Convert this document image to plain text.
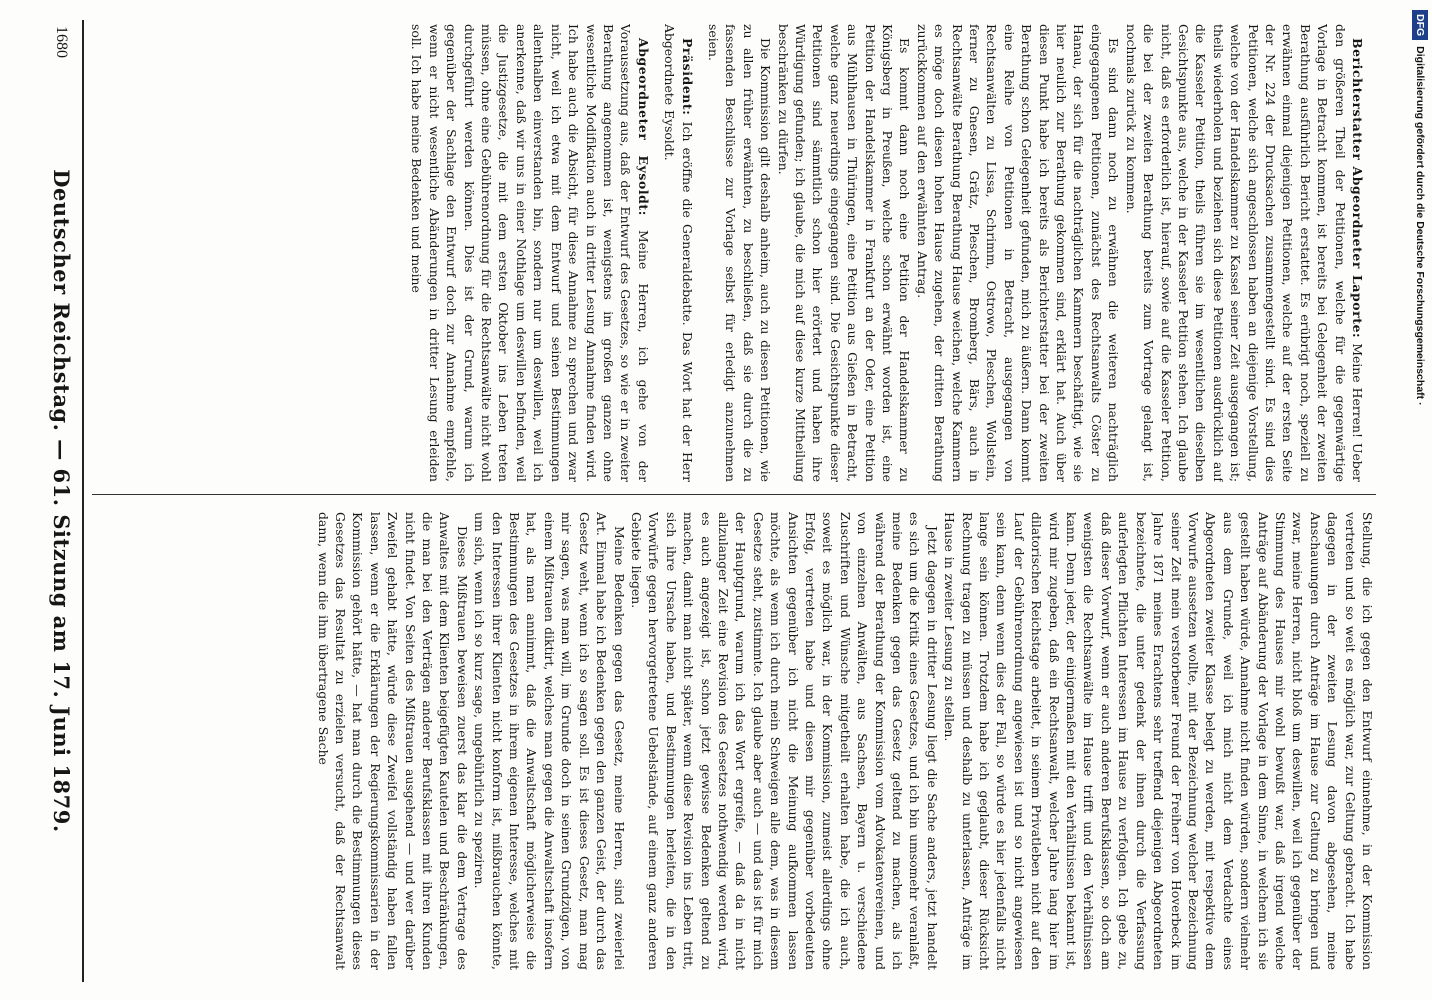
1680
Deutscher Reichstag. — 61. Sitzung am 17. Juni 1879.	Berichterstatter Abgeordneter Laporte: Meine Herren! Ueber den größeren Theil der Petitionen, welche für die gegenwärtige Vorlage in Betracht kommen, ist bereits bei Gelegenheit der zweiten Berathung ausführlich Bericht erstattet. Es erübrigt noch, speziell zu erwähnen einmal diejenigen Petitionen, welche auf der ersten Seite der Nr. 224 der Drucksachen zusammengestellt sind. Es sind dies Petitionen, welche sich angeschlossen haben an diejenige Vorstellung, welche von der Handelskammer zu Kassel seiner Zeit ausgegangen ist; theils wiederholen und beziehen sich diese Petitionen ausdrücklich auf die Kasseler Petition, theils führen sie im wesentlichen dieselben Gesichtspunkte aus, welche in der Kasseler Petition stehen. Ich glaube nicht, daß es erforderlich ist, hierauf, sowie auf die Kasseler Petition, die bei der zweiten Berathung bereits zum Vortrage gelangt ist, nochmals zurück zu kommen.

Es sind dann noch zu erwähnen die weiteren nachträglich eingegangenen Petitionen, zunächst des Rechtsanwalts Cöster zu Hanau, der sich für die nachträglichen Kammern beschäftigt, wie sie hier neulich zur Berathung gekommen sind, erklärt hat. Auch über diesen Punkt habe ich bereits als Berichterstatter bei der zweiten Berathung schon Gelegenheit gefunden, mich zu äußern. Dann kommt eine Reihe von Petitionen in Betracht, ausgegangen von Rechtsanwälten zu Lissa, Schrimm, Ostrowo, Pleschen, Wollstein, ferner zu Gnesen, Grätz, Pleschen, Bromberg, Bärs, auch in Rechtsanwälte Berathung Berathung Hause weichen, welche Kammern es möge doch diesen hohen Hause zugehen, der dritten Berathung zurückkommen auf den erwähnten Antrag.

Es kommt dann noch eine Petition der Handelskammer zu Königsberg in Preußen, welche schon erwähnt worden ist, eine Petition der Handelskammer in Frankfurt an der Oder, eine Petition aus Mühlhausen in Thüringen, eine Petition aus Gießen in Betracht, welche ganz neuerdings eingegangen sind. Die Gesichtspunkte dieser Petitionen sind sämmtlich schon hier erörtert und haben ihre Würdigung gefunden; ich glaube, die mich auf diese kurze Mittheilung beschränken zu dürfen.

Die Kommission gilt deshalb anheim, auch zu diesen Petitionen, wie zu allen früher erwähnten, zu beschließen, daß sie durch die zu fassenden Beschlüsse zur Vorlage selbst für erledigt anzunehmen seien.

Präsident: Ich eröffne die Generaldebatte. Das Wort hat der Herr Abgeordnete Eysoldt.

Abgeordneter Eysoldt: Meine Herren, ich gehe von der Voraussetzung aus, daß der Entwurf des Gesetzes, so wie er in zweiter Berathung angenommen ist, wenigstens im großen ganzen ohne wesentliche Modifikation auch in dritter Lesung Annahme finden wird. Ich habe auch die Absicht, für diese Annahme zu sprechen und zwar nicht, weil ich etwa mit dem Entwurf und seinen Bestimmungen allenthalben einverstanden bin, sondern nur um deswillen, weil ich anerkenne, daß wir uns in einer Nothlage um deswillen befinden, weil die Justizgesetze, die mit dem ersten Oktober ins Leben treten müssen, ohne eine Gebührenordnung für die Rechtsanwälte nicht wohl durchgeführt werden können. Dies ist der Grund, warum ich gegenüber der Sachlage den Entwurf doch zur Annahme empfehle, wenn er nicht wesentliche Abänderungen in dritter Lesung erleiden soll. Ich habe meine Bedenken und meine

Stellung, die ich gegen den Entwurf einnehme, in der Kommission vertreten und so weit es möglich war, zur Geltung gebracht. Ich habe dagegen in der zweiten Lesung davon abgesehen, meine Anschauungen durch Anträge im Hause zur Geltung zu bringen und zwar, meine Herren, nicht bloß um deswillen, weil ich gegenüber der Stimmung des Hauses mir wohl bewußt war, daß irgend welche Anträge auf Abänderung der Vorlage in dem Sinne, in welchem ich sie gestellt haben würde, Annahme nicht finden würden, sondern vielmehr aus dem Grunde, weil ich mich nicht dem Verdachte eines Abgeordneten zweiter Klasse belegt zu werden, mit respektive dem Vorwurfe aussetzen wollte, mit der Bezeichnung welcher Bezeichnung seiner Zeit mein verstorbener Freund der Freiherr von Hoverbeck im Jahre 1871 meines Erachtens sehr treffend diejenigen Abgeordneten bezeichnete, die unter gedenk der ihnen durch die Verfassung auferlegten Pflichten Interessen im Hause zu verfolgen. Ich gebe zu, daß dieser Vorwurf, wenn er auch anderen Berufsklassen, so doch am wenigsten die Rechtsanwälte im Hause trifft und den Verhältnissen kann. Denn jeder, der einigermaßen mit den Verhältnissen bekannt ist, wird mir zugeben, daß ein Rechtsanwalt, welcher Jahre lang hier im dilatorischen Reichstage arbeitet, in seinem Privatleben nicht auf den Lauf der Gebührenordnung angewiesen ist und so nicht angewiesen sein kann, denn wenn dies der Fall, so würde es hier jedenfalls nicht lange sein können. Trotzdem habe ich geglaubt, dieser Rücksicht Rechnung tragen zu müssen und deshalb zu unterlassen, Anträge im Hause in zweiter Lesung zu stellen.

Jetzt dagegen in dritter Lesung liegt die Sache anders, jetzt handelt es sich um die Kritik eines Gesetzes, und ich bin umsomehr veranlaßt, meine Bedenken gegen das Gesetz geltend zu machen, als ich während der Berathung der Kommission vom Advokatenvereinen, und von einzelnen Anwälten, aus Sachsen, Bayern u. verschiedene Zuschriften und Wünsche mitgetheilt erhalten habe, die ich auch, soweit es möglich war, in der Kommission, zumeist allerdings ohne Erfolg, vertreten habe und diesen mir gegenüber vorbedeuten Ansichten gegenüber ich nicht die Meinung aufkommen lassen möchte, als wenn ich durch mein Schweigen alle dem, was in diesem Gesetze steht, zustimmte. Ich glaube aber auch — und das ist für mich der Hauptgrund, warum ich das Wort ergreife, — daß da in nicht allzulanger Zeit eine Revision des Gesetzes nothwendig werden wird, es auch angezeigt ist, schon jetzt gewisse Bedenken geltend zu machen, damit man nicht später, wenn diese Revision ins Leben tritt, sich ihre Ursache haben, und Bestimmungen herleiten, die in den Vorwürfe gegen hervorgetretene Uebelstände, auf einem ganz anderen Gebiete liegen.

Meine Bedenken gegen das Gesetz, meine Herren, sind zweierlei Art. Einmal habe ich Bedenken gegen den ganzen Geist, der durch das Gesetz weht, wenn ich so sagen soll. Es ist dieses Gesetz, man mag mir sagen, was man will, im Grunde doch in seinen Grundzügen, von einem Mißtrauen diktirt, welches man gegen die Anwaltschaft insofern hat, als man annimmt, daß die Anwaltschaft möglicherweise die Bestimmungen des Gesetzes in ihrem eigenen Interesse, welches mit den Interessen ihrer Klienten nicht konform ist, mißbrauchen könnte, um sich, wenn ich so kurz sage, ungebührlich zu speziren.

Dieses Mißtrauen beweisen zuerst das klar die dem Vertrage des Anwaltes mit dem Klienten beigefügten Kautelen und Beschränkungen, die man bei den Verträgen anderer Berufsklassen mit ihren Kunden nicht findet. Von Seiten des Mißtrauen ausgehend — und wer darüber Zweifel gehabt hätte, würde diese Zweifel vollständig haben fallen lassen, wenn er die Erklärungen der Regierungskommissarien in der Kommission gehört hätte, — hat man durch die Bestimmungen dieses Gesetzes das Resultat zu erzielen versucht, daß der Rechtsanwalt dann, wenn die ihm übertragene Sache

DFGDigitalisierung gefördert durch die Deutsche Forschungsgemeinschaft ·
